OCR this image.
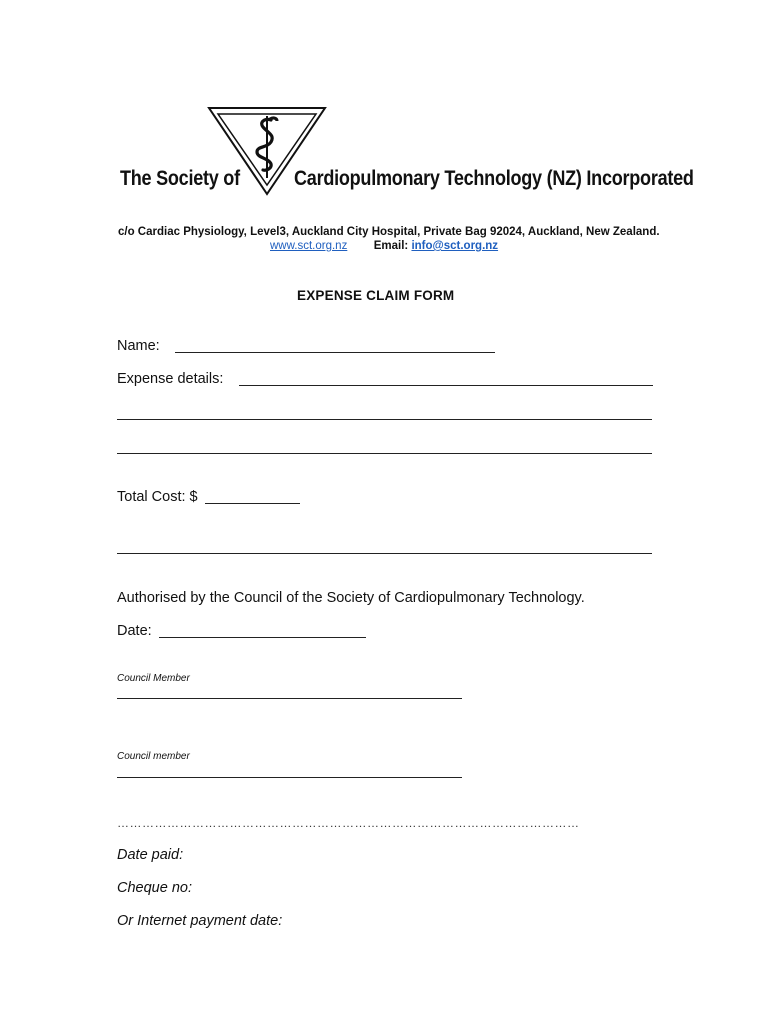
The Society of	Cardiopulmonary Technology (NZ) Incorporated
c/o Cardiac Physiology, Level3, Auckland City Hospital, Private Bag 92024, Auckland, New Zealand.
www.sct.org.nz Email: info@sct.org.nz
EXPENSE CLAIM FORM
Name:
Expense details:
Total Cost: $
Authorised by the Council of the Society of Cardiopulmonary Technology.
Date:
Council Member
Council member
…………………………………………………………………………………………………
Date paid:
Cheque no:
Or Internet payment date:
